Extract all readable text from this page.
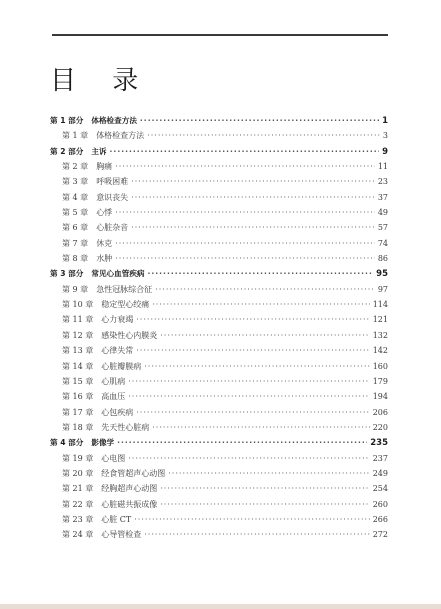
目 录
第 1 部分 体格检查方法 ·····	1
第 1 章 体格检查方法 ·····	3
第 2 部分 主诉 ·····	9
第 2 章 胸痛 ·····	11
第 3 章 呼吸困难 ·····	23
第 4 章 意识丧失 ·····	37
第 5 章 心悸 ·····	49
第 6 章 心脏杂音 ·····	57
第 7 章 休克 ·····	74
第 8 章 水肿 ·····	86
第 3 部分 常见心血管疾病 ·····	95
第 9 章 急性冠脉综合征 ·····	97
第 10 章 稳定型心绞痛 ·····	114
第 11 章 心力衰竭 ·····	121
第 12 章 感染性心内膜炎 ·····	132
第 13 章 心律失常 ·····	142
第 14 章 心脏瓣膜病 ·····	160
第 15 章 心肌病 ·····	179
第 16 章 高血压 ·····	194
第 17 章 心包疾病 ·····	206
第 18 章 先天性心脏病 ·····	220
第 4 部分 影像学 ·····	235
第 19 章 心电图 ·····	237
第 20 章 经食管超声心动图 ·····	249
第 21 章 经胸超声心动图 ·····	254
第 22 章 心脏磁共振成像 ·····	260
第 23 章 心脏 CT ·····	266
第 24 章 心导管检查 ·····	272
